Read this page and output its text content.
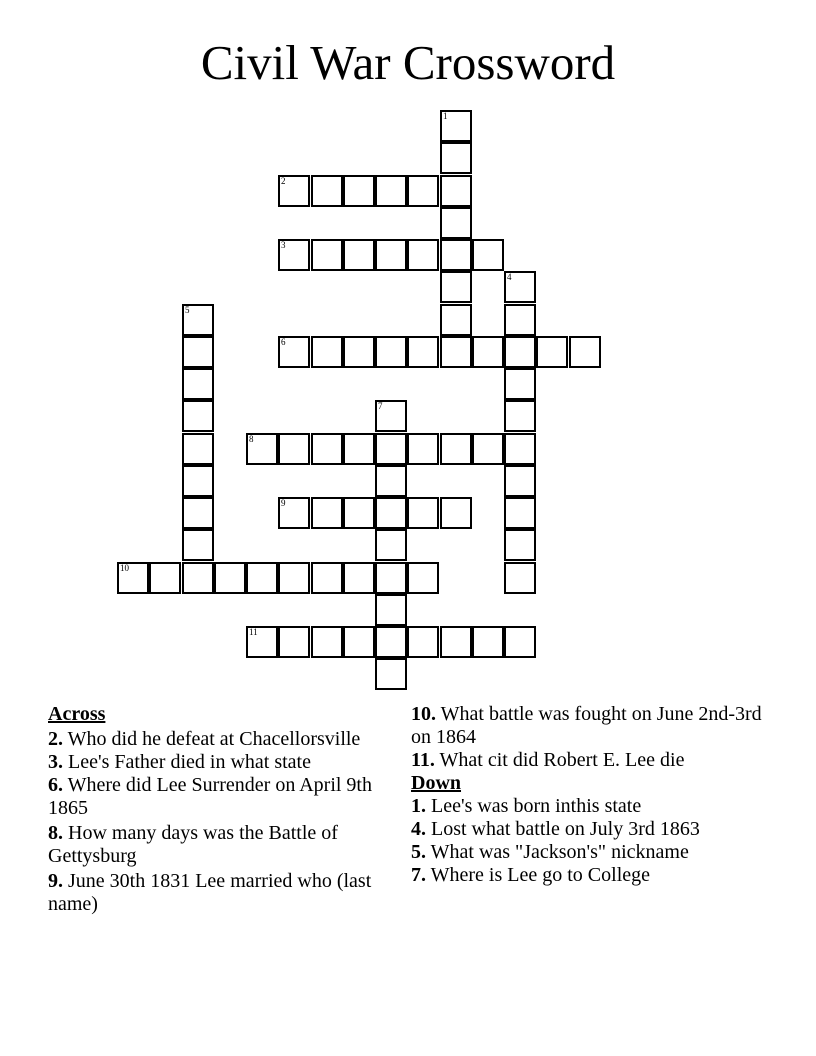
Civil War Crossword
2
3
6
8
9
10
11
1
4
5
7
Across
2. Who did he defeat at Chacellorsville
3. Lee's Father died in what state
6. Where did Lee Surrender on April 9th 1865
8. How many days was the Battle of Gettysburg
9. June 30th 1831 Lee married who (last name)
10. What battle was fought on June 2nd-3rd on 1864
11. What cit did Robert E. Lee die
Down
1. Lee's was born inthis state
4. Lost what battle on July 3rd 1863
5. What was "Jackson's" nickname
7. Where is Lee go to College
